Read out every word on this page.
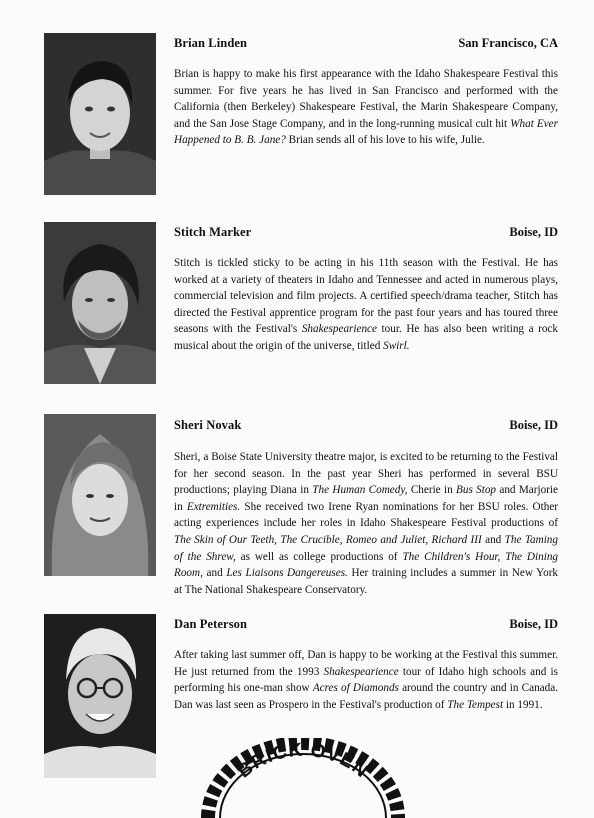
Brian Linden	San Francisco, CA
Brian is happy to make his first appearance with the Idaho Shakespeare Festival this summer. For five years he has lived in San Francisco and performed with the California (then Berkeley) Shakespeare Festival, the Marin Shakespeare Company, and the San Jose Stage Company, and in the long-running musical cult hit What Ever Happened to B. B. Jane? Brian sends all of his love to his wife, Julie.
Stitch Marker	Boise, ID
Stitch is tickled sticky to be acting in his 11th season with the Festival. He has worked at a variety of theaters in Idaho and Tennessee and acted in numerous plays, commercial television and film projects. A certified speech/drama teacher, Stitch has directed the Festival apprentice program for the past four years and has toured three seasons with the Festival's Shakespearience tour. He has also been writing a rock musical about the origin of the universe, titled Swirl.
Sheri Novak	Boise, ID
Sheri, a Boise State University theatre major, is excited to be returning to the Festival for her second season. In the past year Sheri has performed in several BSU productions; playing Diana in The Human Comedy, Cherie in Bus Stop and Marjorie in Extremities. She received two Irene Ryan nominations for her BSU roles. Other acting experiences include her roles in Idaho Shakespeare Festival productions of The Skin of Our Teeth, The Crucible, Romeo and Juliet, Richard III and The Taming of the Shrew, as well as college productions of The Children's Hour, The Dining Room, and Les Liaisons Dangereuses. Her training includes a summer in New York at The National Shakespeare Conservatory.
Dan Peterson	Boise, ID
After taking last summer off, Dan is happy to be working at the Festival this summer. He just returned from the 1993 Shakespearience tour of Idaho high schools and is performing his one-man show Acres of Diamonds around the country and in Canada. Dan was last seen as Prospero in the Festival's production of The Tempest in 1991.
BRICK OVEN
